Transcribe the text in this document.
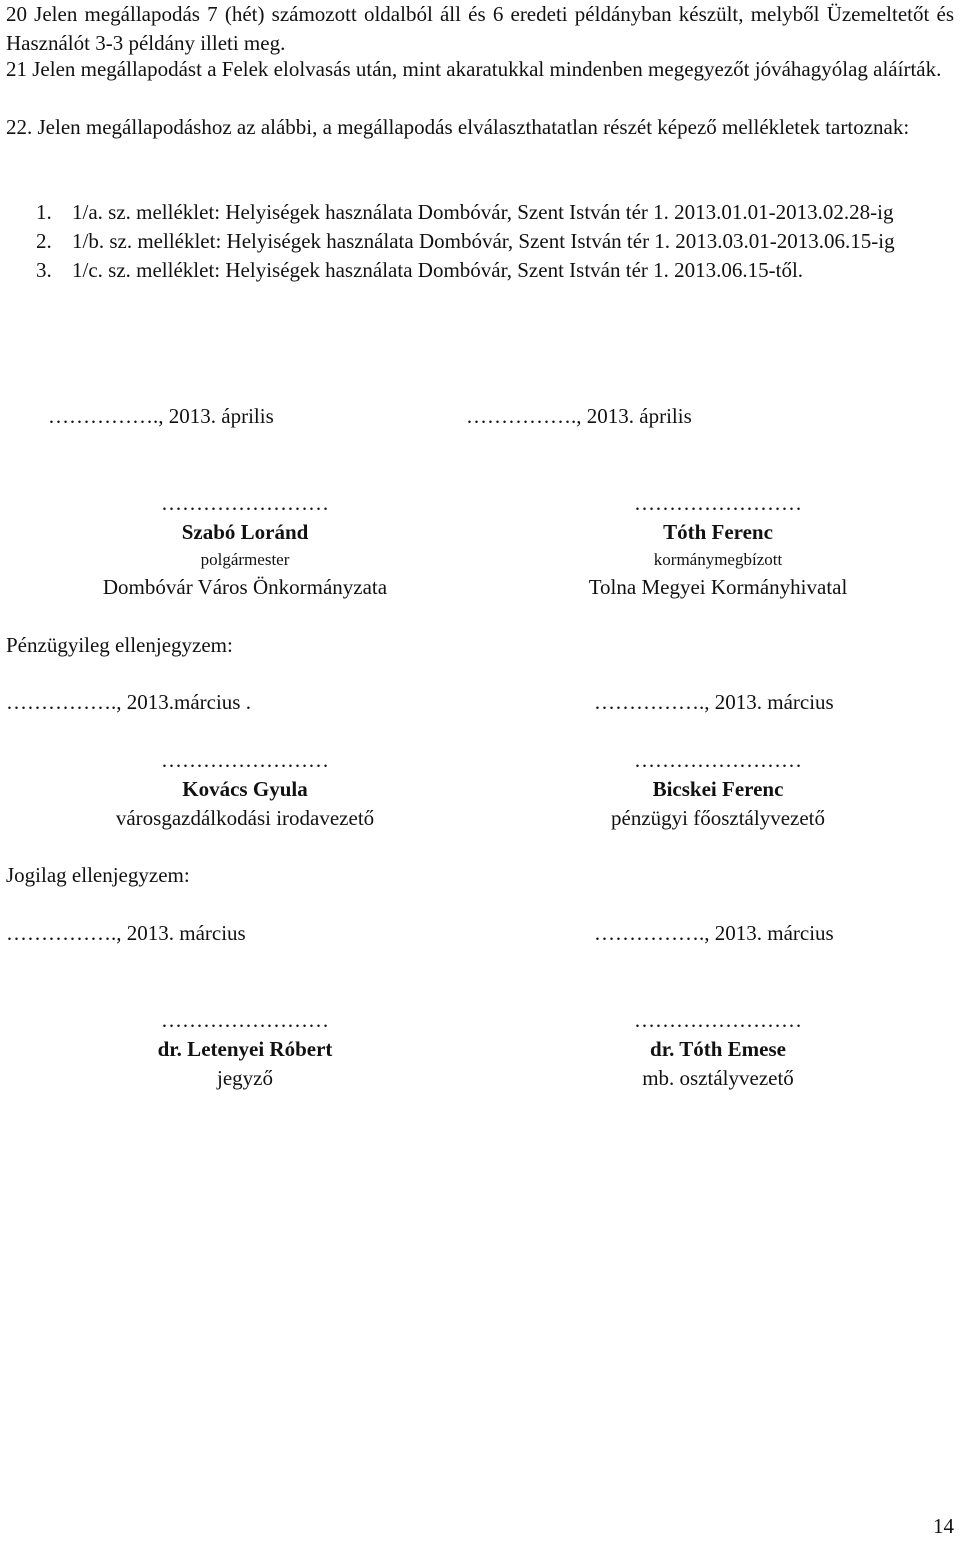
20 Jelen megállapodás 7 (hét) számozott oldalból áll és 6 eredeti példányban készült, melyből Üzemeltetőt és Használót 3-3 példány illeti meg.

21 Jelen megállapodást a Felek elolvasás után, mint akaratukkal mindenben megegyezőt jóváhagyólag aláírták.

22. Jelen megállapodáshoz az alábbi, a megállapodás elválaszthatatlan részét képező mellékletek tartoznak:

1. 1/a. sz. melléklet: Helyiségek használata Dombóvár, Szent István tér 1. 2013.01.01-2013.02.28-ig
2. 1/b. sz. melléklet: Helyiségek használata Dombóvár, Szent István tér 1. 2013.03.01-2013.06.15-ig
3. 1/c. sz. melléklet: Helyiségek használata Dombóvár, Szent István tér 1. 2013.06.15-től.
……………., 2013. április	……………., 2013. április
……………………
Szabó Loránd
polgármester
Dombóvár Város Önkormányzata
……………………
Tóth Ferenc
kormánymegbízott
Tolna Megyei Kormányhivatal
Pénzügyileg ellenjegyzem:
……………., 2013.március .	……………., 2013. március
……………………
Kovács Gyula
városgazdálkodási irodavezető
……………………
Bicskei Ferenc
pénzügyi főosztályvezető
Jogilag ellenjegyzem:
……………., 2013. március	……………., 2013. március
……………………
dr. Letenyei Róbert
jegyző
……………………
dr. Tóth Emese
mb. osztályvezető
14
